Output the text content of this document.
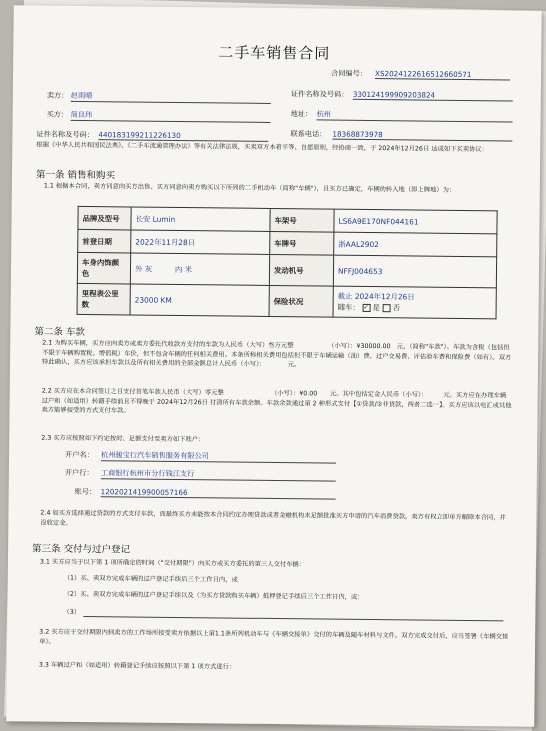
二手车销售合同
合同编号： XS2024122616512660571
卖方： 赵雨晴	证件名称及号码： 330124199909203824
买方： 简良玮	地址： 杭州
证件名称及号码： 440183199211226130	联系电话： 18368873978
根据《中华人民共和国民法典》、《二手车流通管理办法》等有关法律法规，买卖双方本着平等、自愿原则，经协商一致，于 2024年12月26日 达成如下买卖协议：
第一条 销售和购买
1.1 根据本合同，卖方同意向买方出售、买方同意向卖方购买以下所列的二手机动车（简称"车辆"），且买方已确定，车辆的转入地（即上牌地）为：
品牌及型号	长安 Lumin	车架号	LS6A9E170NF044161
首登日期	2022年11月28日	车牌号	浙AAL2902
车身内饰颜色	外 灰 内 米	发动机号	NFFJ004653
里程表公里数	23000 KM	保险状况	截止 2024年12月26日
随车： ✓ 是 否
第二条 车款
2.1 为购买车辆，买方应向卖方或卖方委托代收款方支付的车款为人民币（大写）叁万元整　　　　　　（小写）：¥30000.00　元，（简称"车款"）。车款为含税（包括但不限于车辆购置税、增值税）车价，但不包含车辆的任何相关费用。本条所称相关费用包括但不限于车辆运输（油）费、过户交易费、评估验车费和保险费（如有）。双方特此确认，买方应该承担车款以及所有相关费用的全部金额总计人民币（小写）：　　　　元。
2.2 买方应在本合同签订之日支付首笔车款人民币（大写）零元整　　　　　　　　（小写）：¥0.00　　元。其中包括定金人民币（小写）：　　　元。买方应在办理车辆过户和（如适用）转籍手续前且不得晚于 2024年12月26日 付清所有车款余额。车款余款通过第 2 种形式支付【①贷款/②非贷款，两者二选一】。买方应该以电汇或其他卖方能够接受的方式支付车款。
2.3 买方应按照如下约定按时、足额支付至卖方如下账户：
开户名： 杭州骏宝行汽车销售服务有限公司
开户行： 工商银行杭州市分行钱江支行
账号： 1202021419900057166
2.4 如买方选择通过贷款的方式支付车款，而最终买方未能按本合同约定办理贷款或者金融机构未足额批准买方申请的汽车消费贷款，卖方有权立即单方解除本合同，并没收定金。
第三条 交付与过户登记
3.1 买方应当于以下第 1 项所确定的时间（"交付期限"）向买方或买方委托的第三人交付车辆：
（1）买、卖双方完成车辆的过户登记手续后三个工作日内，或
（2）买、卖双方完成车辆的过户登记手续以及（为买方贷款购买车辆）抵押登记手续后三个工作日内，或：
（3）
3.2 买方应于交付期限内到卖方的工作场所接受卖方依据以上第1.1条所列机动车与《车辆交接单》交付的车辆及随车材料与文件。双方完成交付后，应当签署《车辆交接单》。
3.3 车辆过户和（如适用）转籍登记手续应按照以下第 1 项方式进行：
